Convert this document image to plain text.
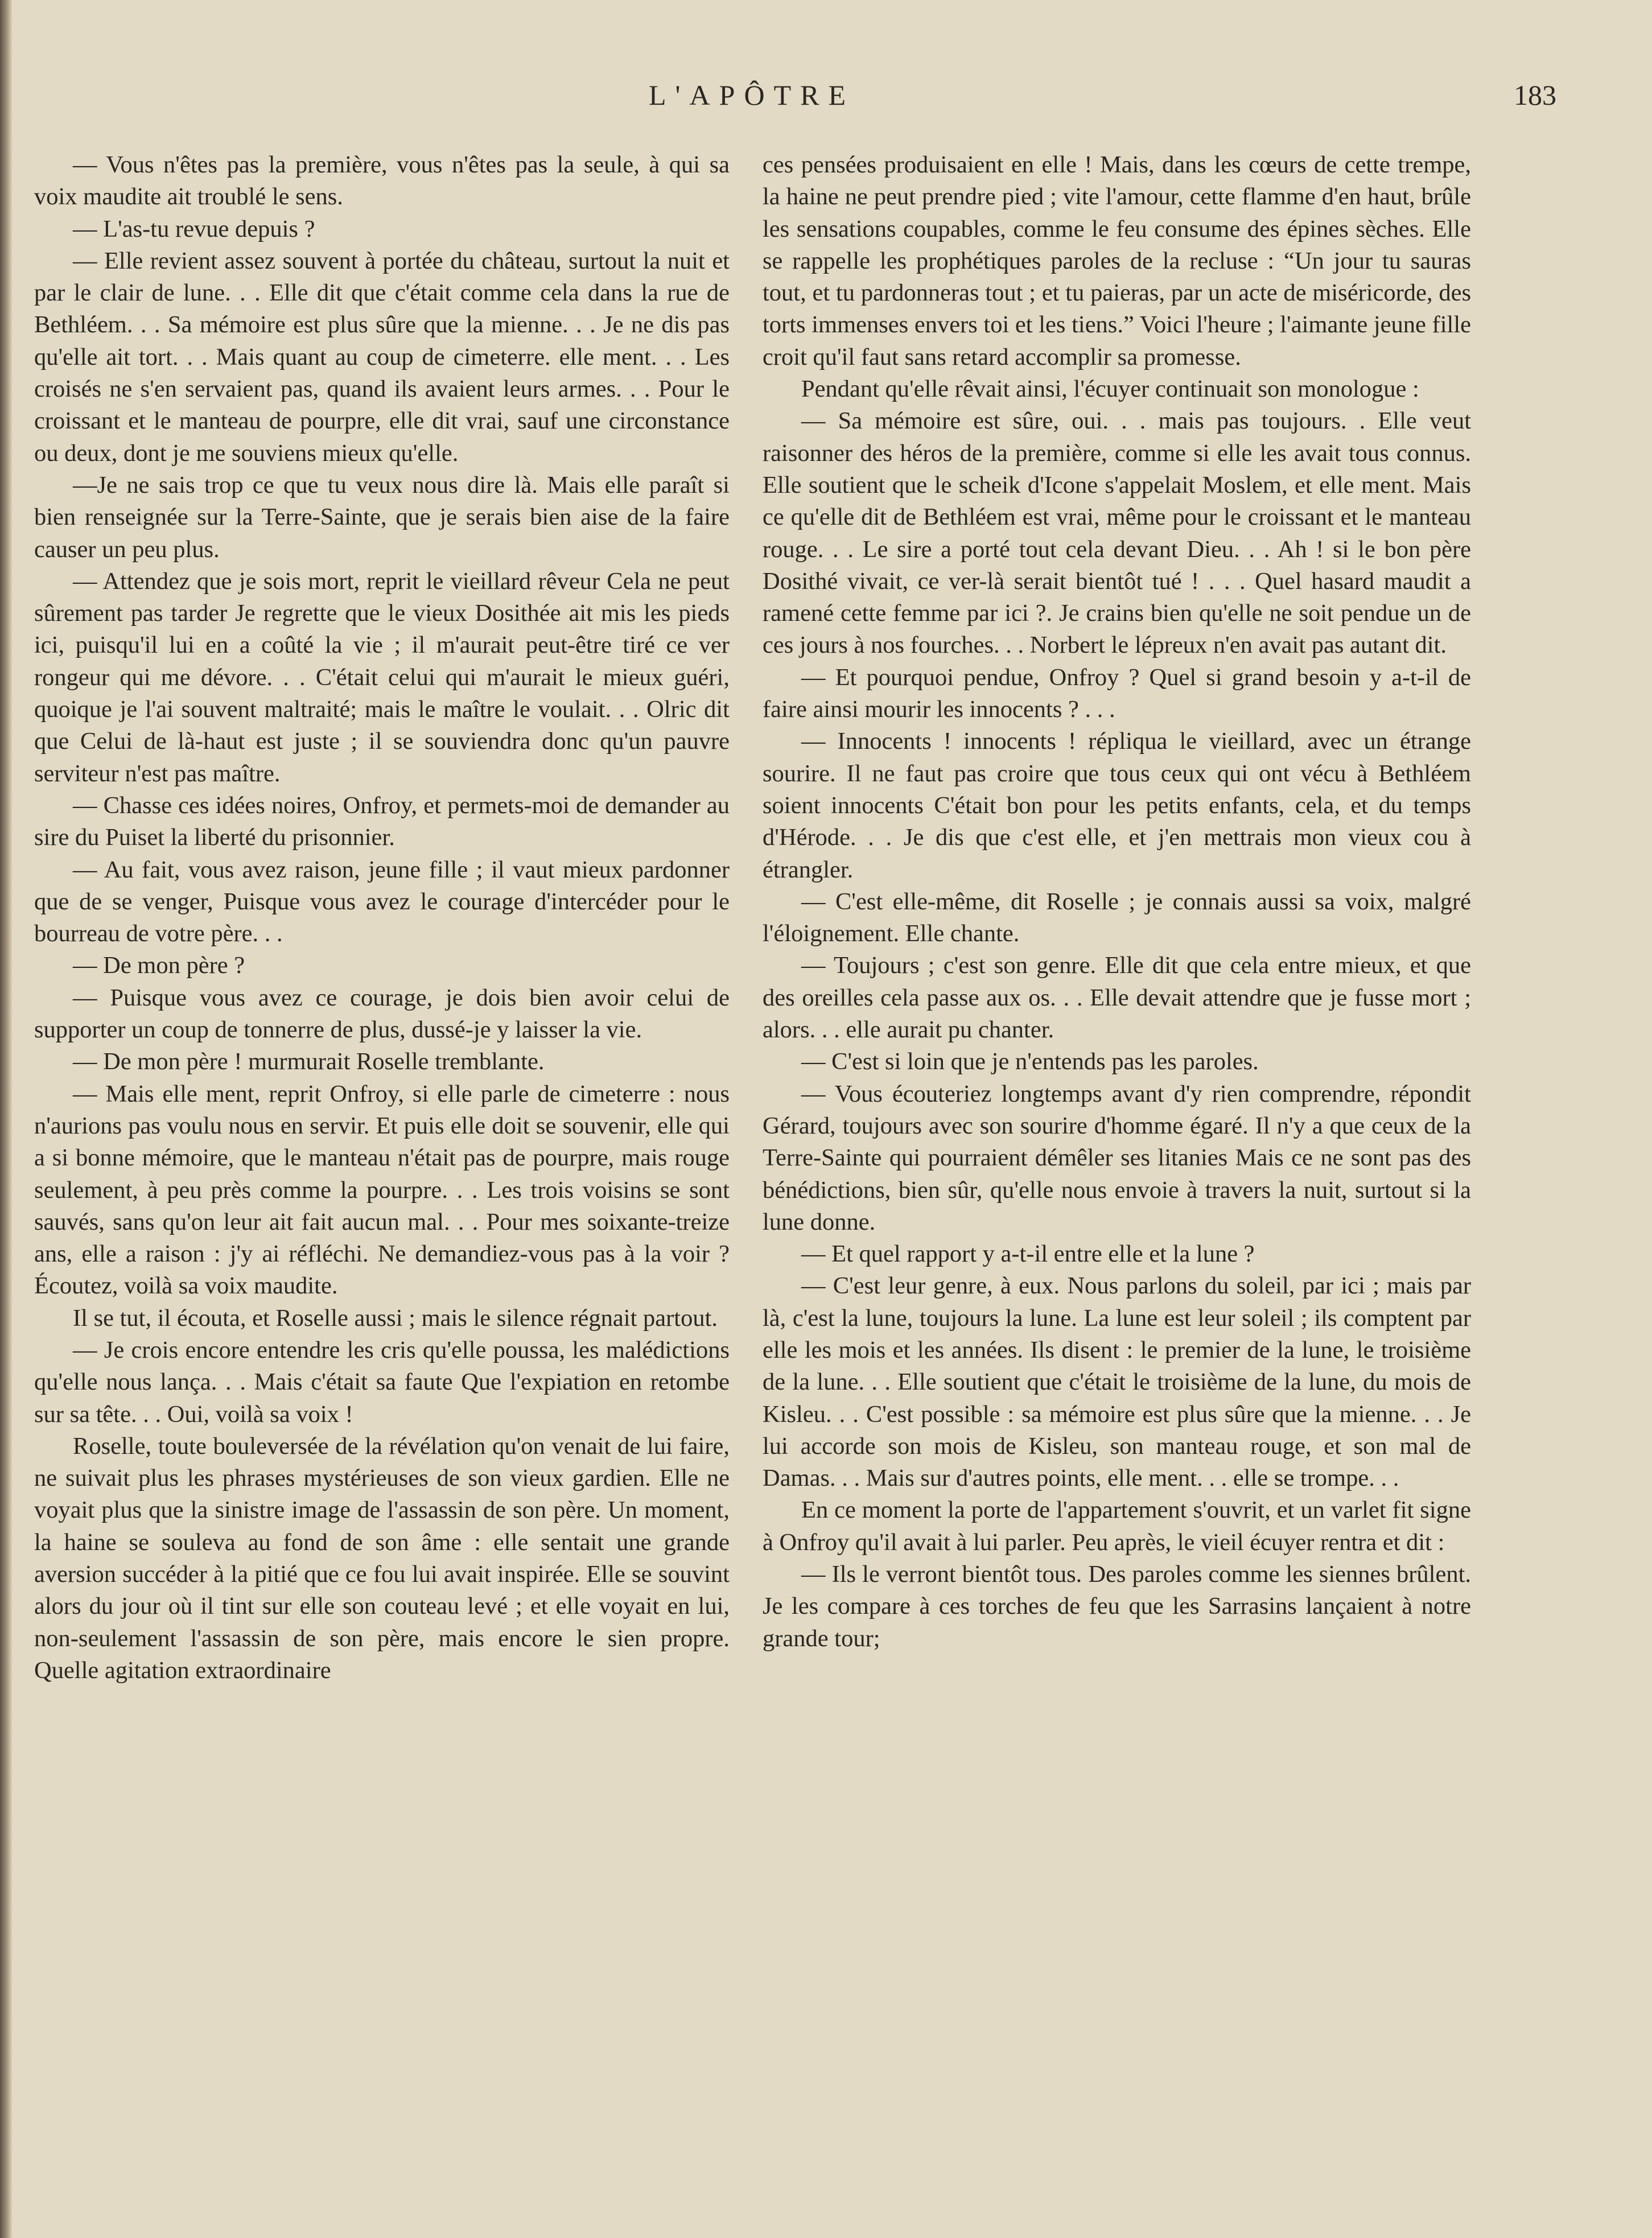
L'APÔTRE	183

— Vous n'êtes pas la première, vous n'êtes pas la seule, à qui sa voix maudite ait troublé le sens.

— L'as-tu revue depuis ?

— Elle revient assez souvent à portée du château, surtout la nuit et par le clair de lune. . . Elle dit que c'était comme cela dans la rue de Bethléem. . . Sa mémoire est plus sûre que la mienne. . . Je ne dis pas qu'elle ait tort. . . Mais quant au coup de cimeterre. elle ment. . . Les croisés ne s'en servaient pas, quand ils avaient leurs armes. . . Pour le croissant et le manteau de pourpre, elle dit vrai, sauf une circonstance ou deux, dont je me souviens mieux qu'elle.

—Je ne sais trop ce que tu veux nous dire là. Mais elle paraît si bien renseignée sur la Terre-Sainte, que je serais bien aise de la faire causer un peu plus.

— Attendez que je sois mort, reprit le vieillard rêveur Cela ne peut sûrement pas tarder Je regrette que le vieux Dosithée ait mis les pieds ici, puisqu'il lui en a coûté la vie ; il m'aurait peut-être tiré ce ver rongeur qui me dévore. . . C'était celui qui m'aurait le mieux guéri, quoique je l'ai souvent maltraité; mais le maître le voulait. . . Olric dit que Celui de là-haut est juste ; il se souviendra donc qu'un pauvre serviteur n'est pas maître.

— Chasse ces idées noires, Onfroy, et permets-moi de demander au sire du Puiset la liberté du prisonnier.

— Au fait, vous avez raison, jeune fille ; il vaut mieux pardonner que de se venger, Puisque vous avez le courage d'intercéder pour le bourreau de votre père. . .

— De mon père ?

— Puisque vous avez ce courage, je dois bien avoir celui de supporter un coup de tonnerre de plus, dussé-je y laisser la vie.

— De mon père ! murmurait Roselle tremblante.

— Mais elle ment, reprit Onfroy, si elle parle de cimeterre : nous n'aurions pas voulu nous en servir. Et puis elle doit se souvenir, elle qui a si bonne mémoire, que le manteau n'était pas de pourpre, mais rouge seulement, à peu près comme la pourpre. . . Les trois voisins se sont sauvés, sans qu'on leur ait fait aucun mal. . . Pour mes soixante-treize ans, elle a raison : j'y ai réfléchi. Ne demandiez-vous pas à la voir ? Écoutez, voilà sa voix maudite.

Il se tut, il écouta, et Roselle aussi ; mais le silence régnait partout.

— Je crois encore entendre les cris qu'elle poussa, les malédictions qu'elle nous lança. . . Mais c'était sa faute Que l'expiation en retombe sur sa tête. . . Oui, voilà sa voix !

Roselle, toute bouleversée de la révélation qu'on venait de lui faire, ne suivait plus les phrases mystérieuses de son vieux gardien. Elle ne voyait plus que la sinistre image de l'assassin de son père. Un moment, la haine se souleva au fond de son âme : elle sentait une grande aversion succéder à la pitié que ce fou lui avait inspirée. Elle se souvint alors du jour où il tint sur elle son couteau levé ; et elle voyait en lui, non-seulement l'assassin de son père, mais encore le sien propre. Quelle agitation extraordinaire

ces pensées produisaient en elle ! Mais, dans les cœurs de cette trempe, la haine ne peut prendre pied ; vite l'amour, cette flamme d'en haut, brûle les sensations coupables, comme le feu consume des épines sèches. Elle se rappelle les prophétiques paroles de la recluse : “Un jour tu sauras tout, et tu pardonneras tout ; et tu paieras, par un acte de miséricorde, des torts immenses envers toi et les tiens.” Voici l'heure ; l'aimante jeune fille croit qu'il faut sans retard accomplir sa promesse.

Pendant qu'elle rêvait ainsi, l'écuyer continuait son monologue :

— Sa mémoire est sûre, oui. . . mais pas toujours. . Elle veut raisonner des héros de la première, comme si elle les avait tous connus. Elle soutient que le scheik d'Icone s'appelait Moslem, et elle ment. Mais ce qu'elle dit de Bethléem est vrai, même pour le croissant et le manteau rouge. . . Le sire a porté tout cela devant Dieu. . . Ah ! si le bon père Dosithé vivait, ce ver-là serait bientôt tué ! . . . Quel hasard maudit a ramené cette femme par ici ?. Je crains bien qu'elle ne soit pendue un de ces jours à nos fourches. . . Norbert le lépreux n'en avait pas autant dit.

— Et pourquoi pendue, Onfroy ? Quel si grand besoin y a-t-il de faire ainsi mourir les innocents ? . . .

— Innocents ! innocents ! répliqua le vieillard, avec un étrange sourire. Il ne faut pas croire que tous ceux qui ont vécu à Bethléem soient innocents C'était bon pour les petits enfants, cela, et du temps d'Hérode. . . Je dis que c'est elle, et j'en mettrais mon vieux cou à étrangler.

— C'est elle-même, dit Roselle ; je connais aussi sa voix, malgré l'éloignement. Elle chante.

— Toujours ; c'est son genre. Elle dit que cela entre mieux, et que des oreilles cela passe aux os. . . Elle devait attendre que je fusse mort ; alors. . . elle aurait pu chanter.

— C'est si loin que je n'entends pas les paroles.

— Vous écouteriez longtemps avant d'y rien comprendre, répondit Gérard, toujours avec son sourire d'homme égaré. Il n'y a que ceux de la Terre-Sainte qui pourraient démêler ses litanies Mais ce ne sont pas des bénédictions, bien sûr, qu'elle nous envoie à travers la nuit, surtout si la lune donne.

— Et quel rapport y a-t-il entre elle et la lune ?

— C'est leur genre, à eux. Nous parlons du soleil, par ici ; mais par là, c'est la lune, toujours la lune. La lune est leur soleil ; ils comptent par elle les mois et les années. Ils disent : le premier de la lune, le troisième de la lune. . . Elle soutient que c'était le troisième de la lune, du mois de Kisleu. . . C'est possible : sa mémoire est plus sûre que la mienne. . . Je lui accorde son mois de Kisleu, son manteau rouge, et son mal de Damas. . . Mais sur d'autres points, elle ment. . . elle se trompe. . .

En ce moment la porte de l'appartement s'ouvrit, et un varlet fit signe à Onfroy qu'il avait à lui parler. Peu après, le vieil écuyer rentra et dit :

— Ils le verront bientôt tous. Des paroles comme les siennes brûlent. Je les compare à ces torches de feu que les Sarrasins lançaient à notre grande tour;
